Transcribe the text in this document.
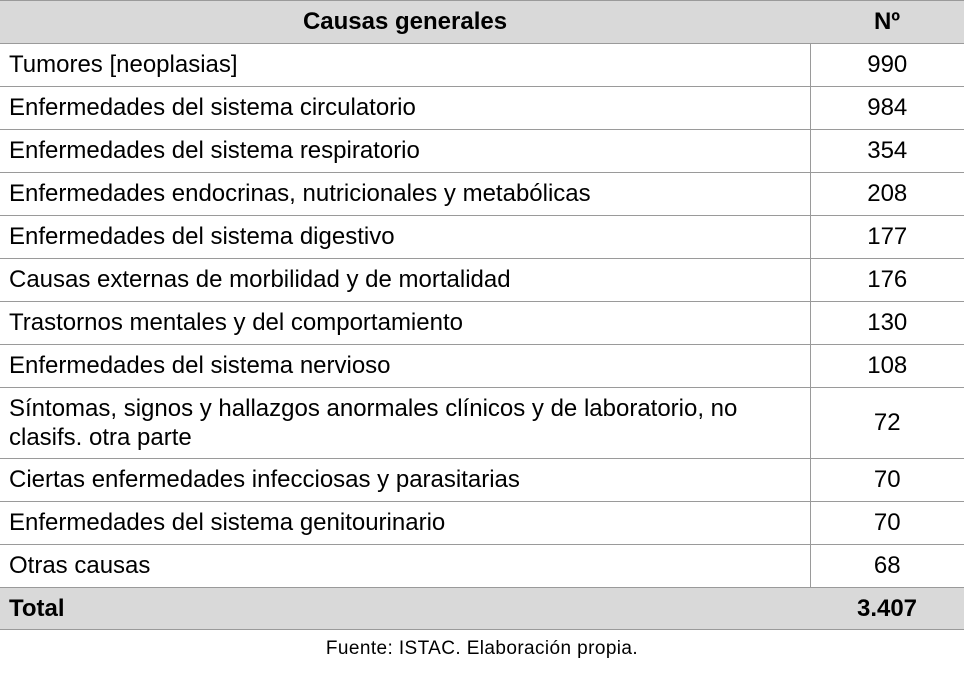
Causas generales	Nº
Tumores [neoplasias]	990
Enfermedades del sistema circulatorio	984
Enfermedades del sistema respiratorio	354
Enfermedades endocrinas, nutricionales y metabólicas	208
Enfermedades del sistema digestivo	177
Causas externas de morbilidad y de mortalidad	176
Trastornos mentales y del comportamiento	130
Enfermedades del sistema nervioso	108
Síntomas, signos y hallazgos anormales clínicos y de laboratorio, no clasifs. otra parte	72
Ciertas enfermedades infecciosas y parasitarias	70
Enfermedades del sistema genitourinario	70
Otras causas	68
Total	3.407
Fuente: ISTAC. Elaboración propia.
